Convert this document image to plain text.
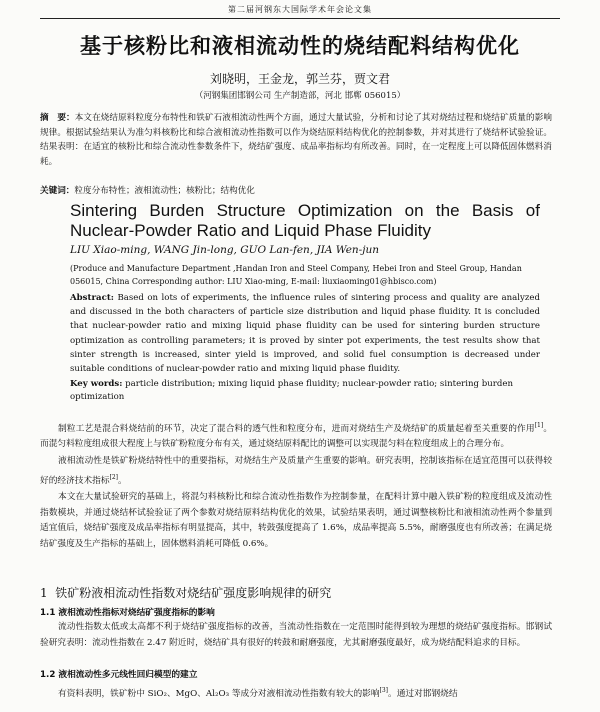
第二届河钢东大国际学术年会论文集
基于核粉比和液相流动性的烧结配料结构优化
刘晓明，王金龙，郭兰芬，贾文君
（河钢集团邯钢公司 生产制造部，河北 邯郸 056015）
摘　要：本文在烧结原料粒度分布特性和铁矿石液相流动性两个方面，通过大量试验，分析和讨论了其对烧结过程和烧结矿质量的影响规律。根据试验结果认为准匀料核粉比和综合液相流动性指数可以作为烧结原料结构优化的控制参数，并对其进行了烧结杯试验验证。结果表明：在适宜的核粉比和综合流动性参数条件下，烧结矿强度、成品率指标均有所改善。同时，在一定程度上可以降低固体燃料消耗。
关键词：粒度分布特性；液相流动性；核粉比；结构优化
Sintering Burden Structure Optimization on the Basis of
Nuclear-Powder Ratio and Liquid Phase Fluidity
LIU Xiao-ming, WANG Jin-long, GUO Lan-fen, JIA Wen-jun
(Produce and Manufacture Department ,Handan Iron and Steel Company, Hebei Iron and Steel Group, Handan 056015, China Corresponding author: LIU Xiao-ming, E-mail: liuxiaoming01@hbisco.com)
Abstract: Based on lots of experiments, the influence rules of sintering process and quality are analyzed and discussed in the both characters of particle size distribution and liquid phase fluidity. It is concluded that nuclear-powder ratio and mixing liquid phase fluidity can be used for sintering burden structure optimization as controlling parameters; it is proved by sinter pot experiments, the test results show that sinter strength is increased, sinter yield is improved, and solid fuel consumption is decreased under suitable conditions of nuclear-powder ratio and mixing liquid phase fluidity.
Key words: particle distribution; mixing liquid phase fluidity; nuclear-powder ratio; sintering burden optimization

制粒工艺是混合料烧结前的环节，决定了混合料的透气性和粒度分布，进而对烧结生产及烧结矿的质量起着至关重要的作用[1]。而混匀料粒度组成很大程度上与铁矿粉粒度分布有关，通过烧结原料配比的调整可以实现混匀料在粒度组成上的合理分布。

液相流动性是铁矿粉烧结特性中的重要指标，对烧结生产及质量产生重要的影响。研究表明，控制该指标在适宜范围可以获得较好的经济技术指标[2]。

本文在大量试验研究的基础上，将混匀料核粉比和综合流动性指数作为控制参量，在配料计算中融入铁矿粉的粒度组成及流动性指数模块，并通过烧结杯试验验证了两个参数对烧结原料结构优化的效果，试验结果表明，通过调整核粉比和液相流动性两个参量到适宜值后，烧结矿强度及成品率指标有明显提高，其中，转鼓强度提高了 1.6%，成品率提高 5.5%，耐磨强度也有所改善；在满足烧结矿强度及生产指标的基础上，固体燃料消耗可降低 0.6%。

1 铁矿粉液相流动性指数对烧结矿强度影响规律的研究
1.1 液相流动性指标对烧结矿强度指标的影响
流动性指数太低或太高都不利于烧结矿强度指标的改善，当流动性指数在一定范围时能得到较为理想的烧结矿强度指标。邯钢试验研究表明：流动性指数在 2.47 附近时，烧结矿具有很好的转鼓和耐磨强度，尤其耐磨强度最好，成为烧结配料追求的目标。
1.2 液相流动性多元线性回归模型的建立
有资料表明，铁矿粉中 SiO₂、MgO、Al₂O₃ 等成分对液相流动性指数有较大的影响[3]。通过对邯钢烧结
